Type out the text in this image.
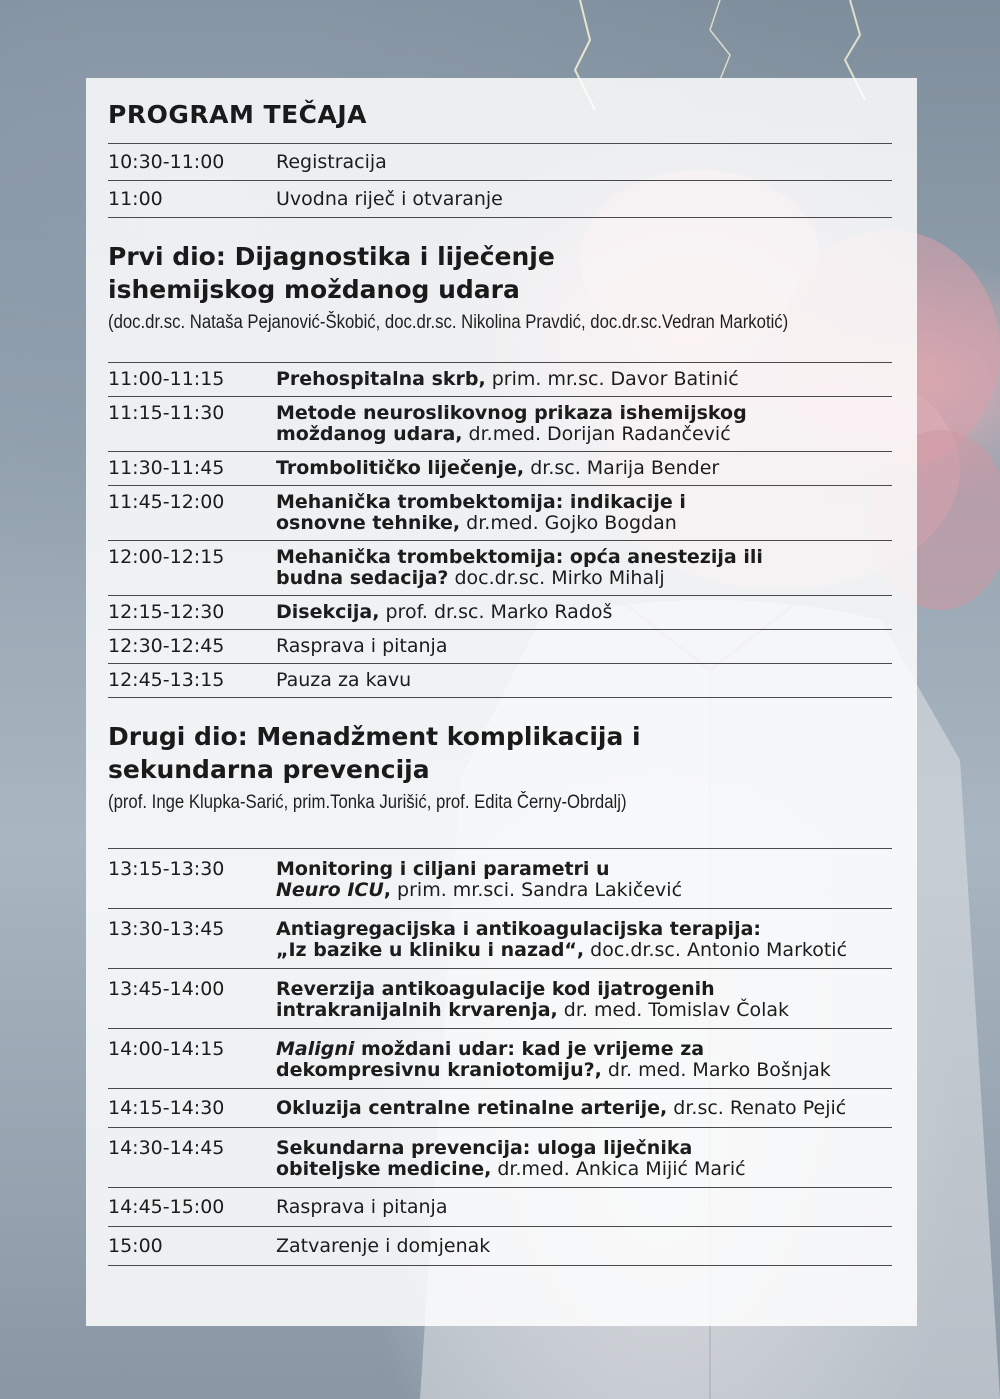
PROGRAM TEČAJA
10:30-11:00	Registracija
11:00	Uvodna riječ i otvaranje
Prvi dio: Dijagnostika i liječenje
ishemijskog moždanog udara
(doc.dr.sc. Nataša Pejanović-Škobić, doc.dr.sc. Nikolina Pravdić, doc.dr.sc.Vedran Markotić)
11:00-11:15	Prehospitalna skrb, prim. mr.sc. Davor Batinić
11:15-11:30	Metode neuroslikovnog prikaza ishemijskog
moždanog udara, dr.med. Dorijan Radančević
11:30-11:45	Trombolitičko liječenje, dr.sc. Marija Bender
11:45-12:00	Mehanička trombektomija: indikacije i
osnovne tehnike, dr.med. Gojko Bogdan
12:00-12:15	Mehanička trombektomija: opća anestezija ili
budna sedacija? doc.dr.sc. Mirko Mihalj
12:15-12:30	Disekcija, prof. dr.sc. Marko Radoš
12:30-12:45	Rasprava i pitanja
12:45-13:15	Pauza za kavu
Drugi dio: Menadžment komplikacija i
sekundarna prevencija
(prof. Inge Klupka-Sarić, prim.Tonka Jurišić, prof. Edita Černy-Obrdalj)
13:15-13:30	Monitoring i ciljani parametri u
Neuro ICU, prim. mr.sci. Sandra Lakičević
13:30-13:45	Antiagregacijska i antikoagulacijska terapija:
„Iz bazike u kliniku i nazad“, doc.dr.sc. Antonio Markotić
13:45-14:00	Reverzija antikoagulacije kod ijatrogenih
intrakranijalnih krvarenja, dr. med. Tomislav Čolak
14:00-14:15	Maligni moždani udar: kad je vrijeme za
dekompresivnu kraniotomiju?, dr. med. Marko Bošnjak
14:15-14:30	Okluzija centralne retinalne arterije, dr.sc. Renato Pejić
14:30-14:45	Sekundarna prevencija: uloga liječnika
obiteljske medicine, dr.med. Ankica Mijić Marić
14:45-15:00	Rasprava i pitanja
15:00	Zatvarenje i domjenak
